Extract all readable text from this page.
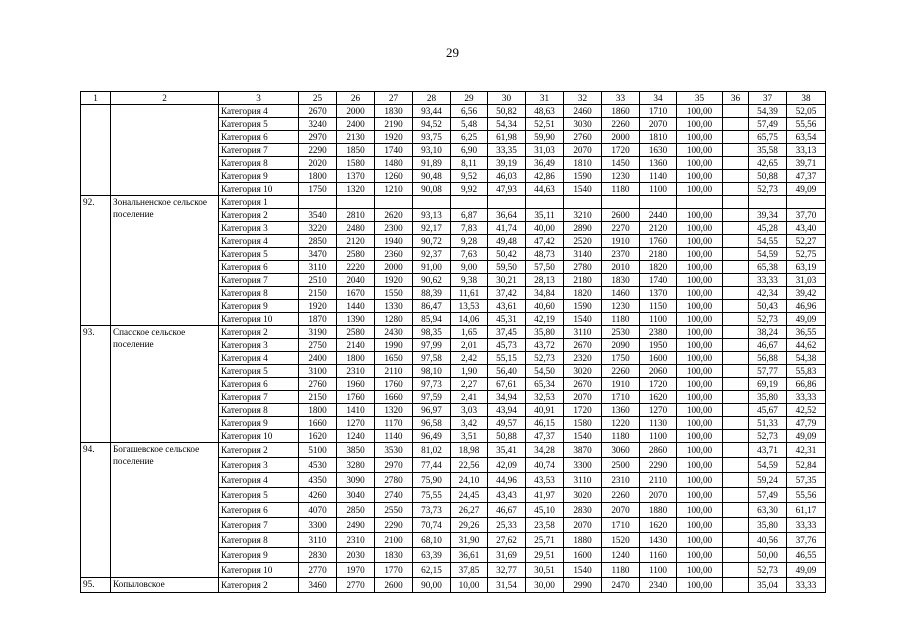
29
1	2	3	25	26	27	28	29	30	31	32	33	34	35	36	37	38
		Категория 4	2670	2000	1830	93,44	6,56	50,82	48,63	2460	1860	1710	100,00		54,39	52,05
		Категория 5	3240	2400	2190	94,52	5,48	54,34	52,51	3030	2260	2070	100,00		57,49	55,56
		Категория 6	2970	2130	1920	93,75	6,25	61,98	59,90	2760	2000	1810	100,00		65,75	63,54
		Категория 7	2290	1850	1740	93,10	6,90	33,35	31,03	2070	1720	1630	100,00		35,58	33,13
		Категория 8	2020	1580	1480	91,89	8,11	39,19	36,49	1810	1450	1360	100,00		42,65	39,71
		Категория 9	1800	1370	1260	90,48	9,52	46,03	42,86	1590	1230	1140	100,00		50,88	47,37
		Категория 10	1750	1320	1210	90,08	9,92	47,93	44,63	1540	1180	1100	100,00		52,73	49,09
92.	Зональненское сельское поселение	Категория 1														
		Категория 2	3540	2810	2620	93,13	6,87	36,64	35,11	3210	2600	2440	100,00		39,34	37,70
		Категория 3	3220	2480	2300	92,17	7,83	41,74	40,00	2890	2270	2120	100,00		45,28	43,40
		Категория 4	2850	2120	1940	90,72	9,28	49,48	47,42	2520	1910	1760	100,00		54,55	52,27
		Категория 5	3470	2580	2360	92,37	7,63	50,42	48,73	3140	2370	2180	100,00		54,59	52,75
		Категория 6	3110	2220	2000	91,00	9,00	59,50	57,50	2780	2010	1820	100,00		65,38	63,19
		Категория 7	2510	2040	1920	90,62	9,38	30,21	28,13	2180	1830	1740	100,00		33,33	31,03
		Категория 8	2150	1670	1550	88,39	11,61	37,42	34,84	1820	1460	1370	100,00		42,34	39,42
		Категория 9	1920	1440	1330	86,47	13,53	43,61	40,60	1590	1230	1150	100,00		50,43	46,96
		Категория 10	1870	1390	1280	85,94	14,06	45,31	42,19	1540	1180	1100	100,00		52,73	49,09
93.	Спасское сельское поселение	Категория 2	3190	2580	2430	98,35	1,65	37,45	35,80	3110	2530	2380	100,00		38,24	36,55
		Категория 3	2750	2140	1990	97,99	2,01	45,73	43,72	2670	2090	1950	100,00		46,67	44,62
		Категория 4	2400	1800	1650	97,58	2,42	55,15	52,73	2320	1750	1600	100,00		56,88	54,38
		Категория 5	3100	2310	2110	98,10	1,90	56,40	54,50	3020	2260	2060	100,00		57,77	55,83
		Категория 6	2760	1960	1760	97,73	2,27	67,61	65,34	2670	1910	1720	100,00		69,19	66,86
		Категория 7	2150	1760	1660	97,59	2,41	34,94	32,53	2070	1710	1620	100,00		35,80	33,33
		Категория 8	1800	1410	1320	96,97	3,03	43,94	40,91	1720	1360	1270	100,00		45,67	42,52
		Категория 9	1660	1270	1170	96,58	3,42	49,57	46,15	1580	1220	1130	100,00		51,33	47,79
		Категория 10	1620	1240	1140	96,49	3,51	50,88	47,37	1540	1180	1100	100,00		52,73	49,09
94.	Богашевское сельское поселение	Категория 2	5100	3850	3530	81,02	18,98	35,41	34,28	3870	3060	2860	100,00		43,71	42,31
		Категория 3	4530	3280	2970	77,44	22,56	42,09	40,74	3300	2500	2290	100,00		54,59	52,84
		Категория 4	4350	3090	2780	75,90	24,10	44,96	43,53	3110	2310	2110	100,00		59,24	57,35
		Категория 5	4260	3040	2740	75,55	24,45	43,43	41,97	3020	2260	2070	100,00		57,49	55,56
		Категория 6	4070	2850	2550	73,73	26,27	46,67	45,10	2830	2070	1880	100,00		63,30	61,17
		Категория 7	3300	2490	2290	70,74	29,26	25,33	23,58	2070	1710	1620	100,00		35,80	33,33
		Категория 8	3110	2310	2100	68,10	31,90	27,62	25,71	1880	1520	1430	100,00		40,56	37,76
		Категория 9	2830	2030	1830	63,39	36,61	31,69	29,51	1600	1240	1160	100,00		50,00	46,55
		Категория 10	2770	1970	1770	62,15	37,85	32,77	30,51	1540	1180	1100	100,00		52,73	49,09
95.	Копыловское	Категория 2	3460	2770	2600	90,00	10,00	31,54	30,00	2990	2470	2340	100,00		35,04	33,33
